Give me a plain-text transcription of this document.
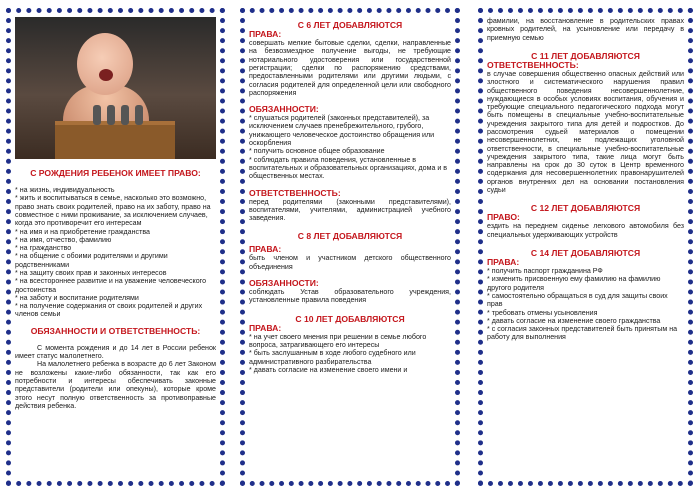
С РОЖДЕНИЯ РЕБЕНОК ИМЕЕТ ПРАВО:
* на жизнь, индивидуальность
* жить и воспитываться в семье, насколько это возможно, право знать своих родителей, право на их заботу, право на совместное с ними проживание, за исключением случаев, когда это противоречит его интересам
* на имя и на приобретение гражданства
* на имя, отчество, фамилию
* на гражданство
* на общение с обоими родителями и другими родственниками
* на защиту своих прав и законных интересов
* на всестороннее развитие и на уважение человеческого достоинства
* на заботу и воспитание родителями
* на получение содержания от своих родителей и других членов семьи
ОБЯЗАННОСТИ И ОТВЕТСТВЕННОСТЬ:

С момента рождения и до 14 лет в России ребенок имеет статус малолетнего.

На малолетнего ребенка в возрасте до 6 лет Законом не возложены какие-либо обязанности, так как его потребности и интересы обеспечивать законные представители (родители или опекуны), которые кроме этого несут полную ответственность за противоправные действия ребенка.

С 6 ЛЕТ ДОБАВЛЯЮТСЯ
ПРАВА:

совершать мелкие бытовые сделки, сделки, направленные на безвозмездное получение выгоды, не требующие нотариального удостоверения или государственной регистрации; сделки по распоряжению средствами, предоставленными родителями или другими людьми, с согласия родителей для определенной цели или свободного распоряжения

ОБЯЗАННОСТИ:
* слушаться родителей (законных представителей), за исключением случаев пренебрежительного, грубого, унижающего человеческое достоинство обращения или оскорбления
* получить основное общее образование
* соблюдать правила поведения, установленные в воспитательных и образовательных организациях, дома и в общественных местах.
ОТВЕТСТВЕННОСТЬ:

перед родителями (законными представителями), воспитателями, учителями, администрацией учебного заведения.

С 8 ЛЕТ ДОБАВЛЯЮТСЯ
ПРАВА:

быть членом и участником детского общественного объединения

ОБЯЗАННОСТИ:

соблюдать Устав образовательного учреждения, установленные правила поведения

С 10 ЛЕТ ДОБАВЛЯЮТСЯ
ПРАВА:
* на учет своего мнения при решении в семье любого вопроса, затрагивающего его интересы
* быть заслушанным в ходе любого судебного или административного разбирательства
* давать согласие на изменение своего имени и

фамилии, на восстановление в родительских правах кровных родителей, на усыновление или передачу в приемную семью

С 11 ЛЕТ ДОБАВЛЯЮТСЯ
ОТВЕТСТВЕННОСТЬ:

в случае совершения общественно опасных действий или злостного и систематического нарушения правил общественного поведения несовершеннолетние, нуждающиеся в особых условиях воспитания, обучения и требующие специального педагогического подхода могут быть помещены в специальные учебно-воспитательные учреждения закрытого типа для детей и подростков. До рассмотрения судьей материалов о помещении несовершеннолетних, не подлежащих уголовной ответственности, в специальные учебно-воспитательные учреждения закрытого типа, такие лица могут быть направлены на срок до 30 суток в Центр временного содержания для несовершеннолетних правонарушителей органов внутренних дел на основании постановления судьи

С 12 ЛЕТ ДОБАВЛЯЮТСЯ
ПРАВО:

ездить на переднем сиденье легкового автомобиля без специальных удерживающих устройств

С 14 ЛЕТ ДОБАВЛЯЮТСЯ
ПРАВА:
* получить паспорт гражданина РФ
* изменить присвоенную ему фамилию на фамилию другого родителя
* самостоятельно обращаться в суд для защиты своих прав
* требовать отмены усыновления
* давать согласие на изменение своего гражданства
* с согласия законных представителей быть принятым на работу для выполнения
